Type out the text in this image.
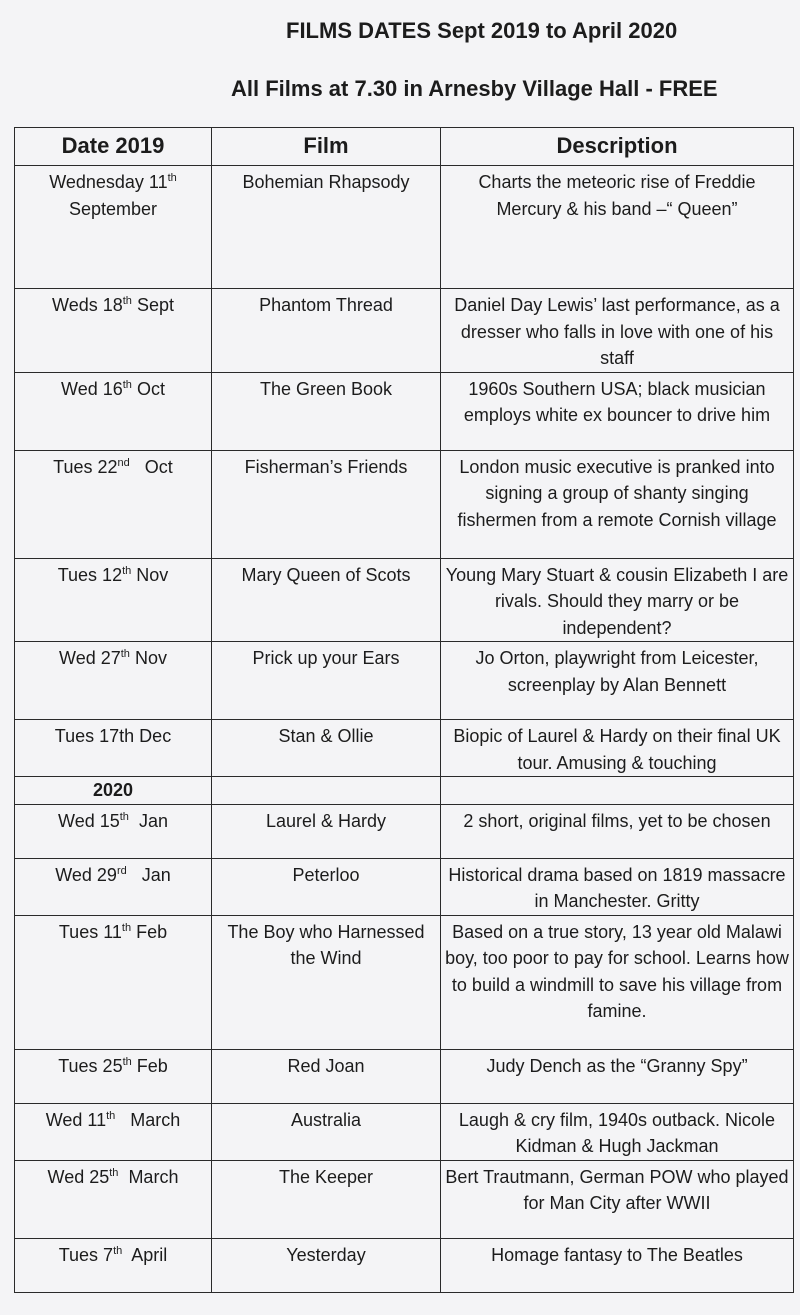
FILMS DATES Sept 2019 to April 2020
All Films at 7.30 in Arnesby Village Hall - FREE
Date 2019	Film	Description
Wednesday 11th September	Bohemian Rhapsody	Charts the meteoric rise of Freddie Mercury & his band –“ Queen”
Weds 18th Sept	Phantom Thread	Daniel Day Lewis’ last performance, as a dresser who falls in love with one of his staff
Wed 16th Oct	The Green Book	1960s Southern USA; black musician employs white ex bouncer to drive him
Tues 22nd   Oct	Fisherman’s Friends	London music executive is pranked into signing a group of shanty singing fishermen from a remote Cornish village
Tues 12th Nov	Mary Queen of Scots	Young Mary Stuart & cousin Elizabeth I are rivals. Should they marry or be independent?
Wed 27th Nov	Prick up your Ears	Jo Orton, playwright from Leicester, screenplay by Alan Bennett
Tues 17th Dec	Stan & Ollie	Biopic of Laurel & Hardy on their final UK tour. Amusing & touching
2020		
Wed 15th  Jan	Laurel & Hardy	2 short, original films, yet to be chosen
Wed 29rd   Jan	Peterloo	Historical drama based on 1819 massacre in Manchester. Gritty
Tues 11th Feb	The Boy who Harnessed the Wind	Based on a true story, 13 year old Malawi boy, too poor to pay for school. Learns how to build a windmill to save his village from famine.
Tues 25th Feb	Red Joan	Judy Dench as the “Granny Spy”
Wed 11th   March	Australia	Laugh & cry film, 1940s outback. Nicole Kidman & Hugh Jackman
Wed 25th  March	The Keeper	Bert Trautmann, German POW who played for Man City after WWII
Tues 7th  April	Yesterday	Homage fantasy to The Beatles
